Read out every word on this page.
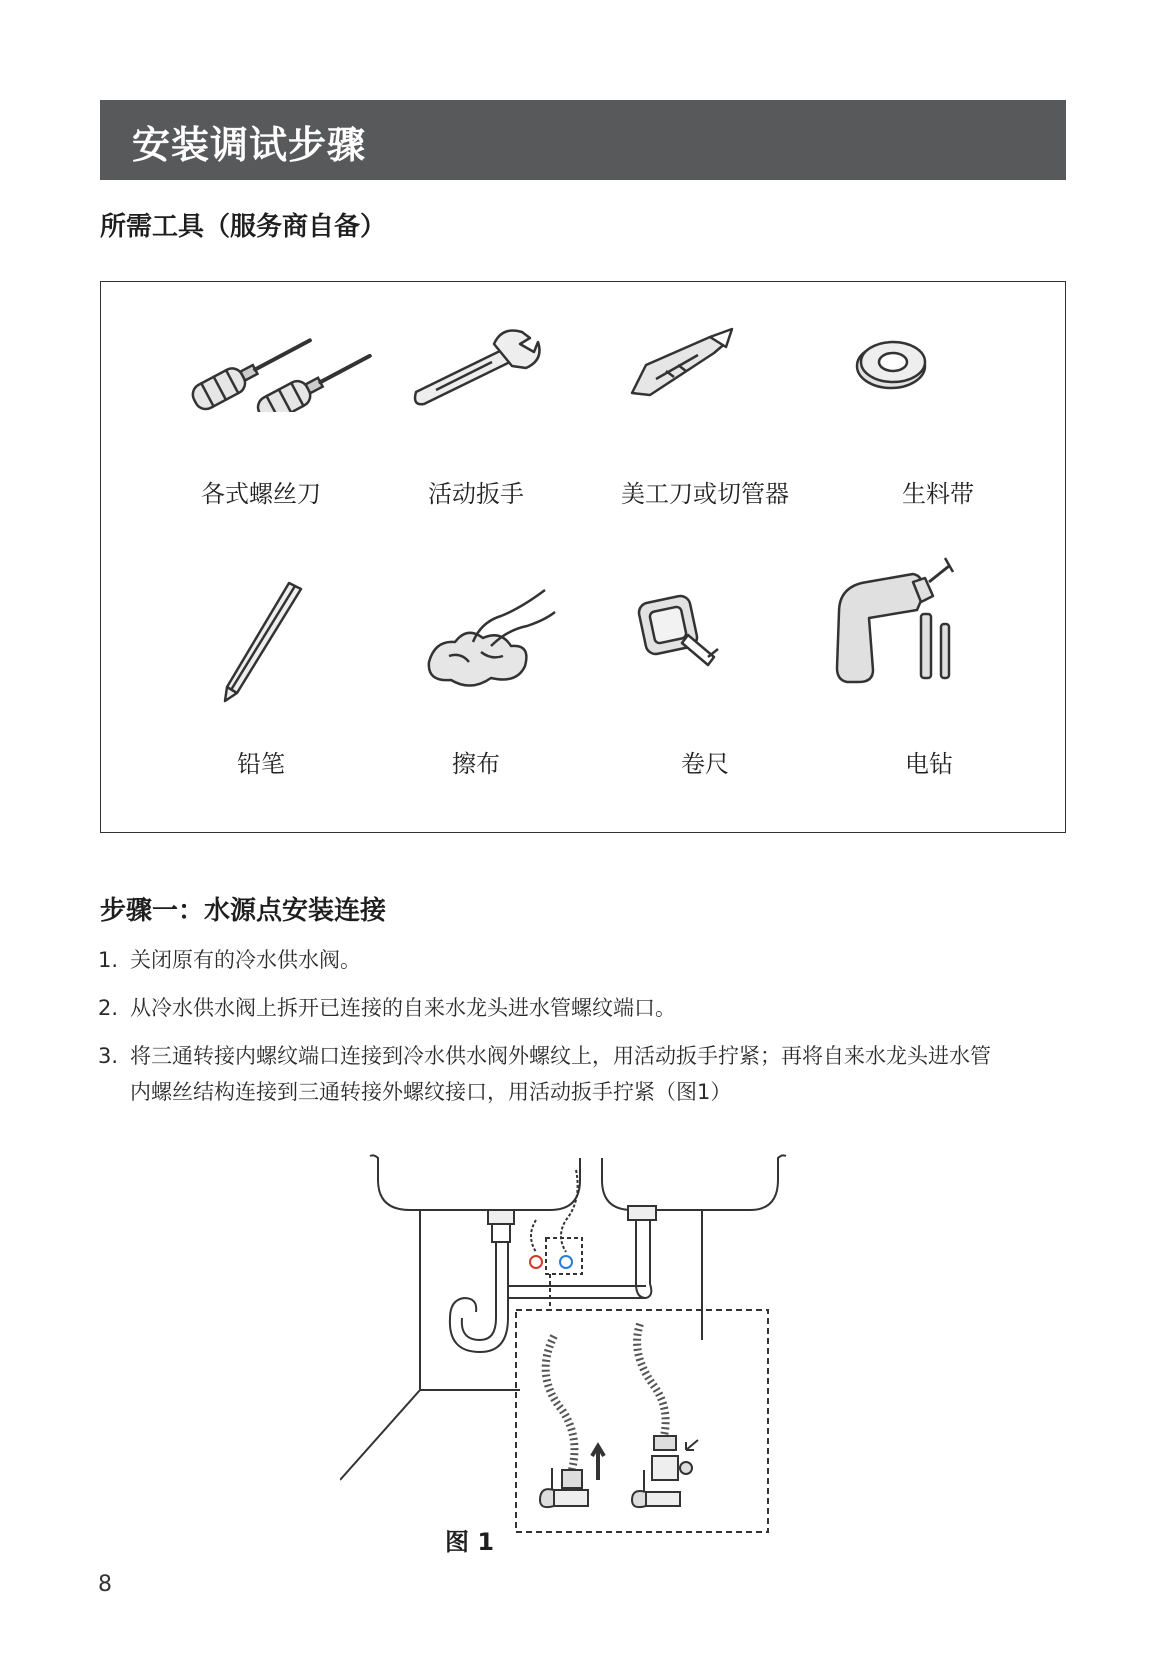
安装调试步骤
所需工具（服务商自备）
各式螺丝刀	活动扳手	美工刀或切管器	生料带
铅笔	擦布	卷尺	电钻
步骤一：水源点安装连接
1. 关闭原有的冷水供水阀。
2. 从冷水供水阀上拆开已连接的自来水龙头进水管螺纹端口。
3. 将三通转接内螺纹端口连接到冷水供水阀外螺纹上，用活动扳手拧紧；再将自来水龙头进水管
内螺丝结构连接到三通转接外螺纹接口，用活动扳手拧紧（图1）
图 1
8
